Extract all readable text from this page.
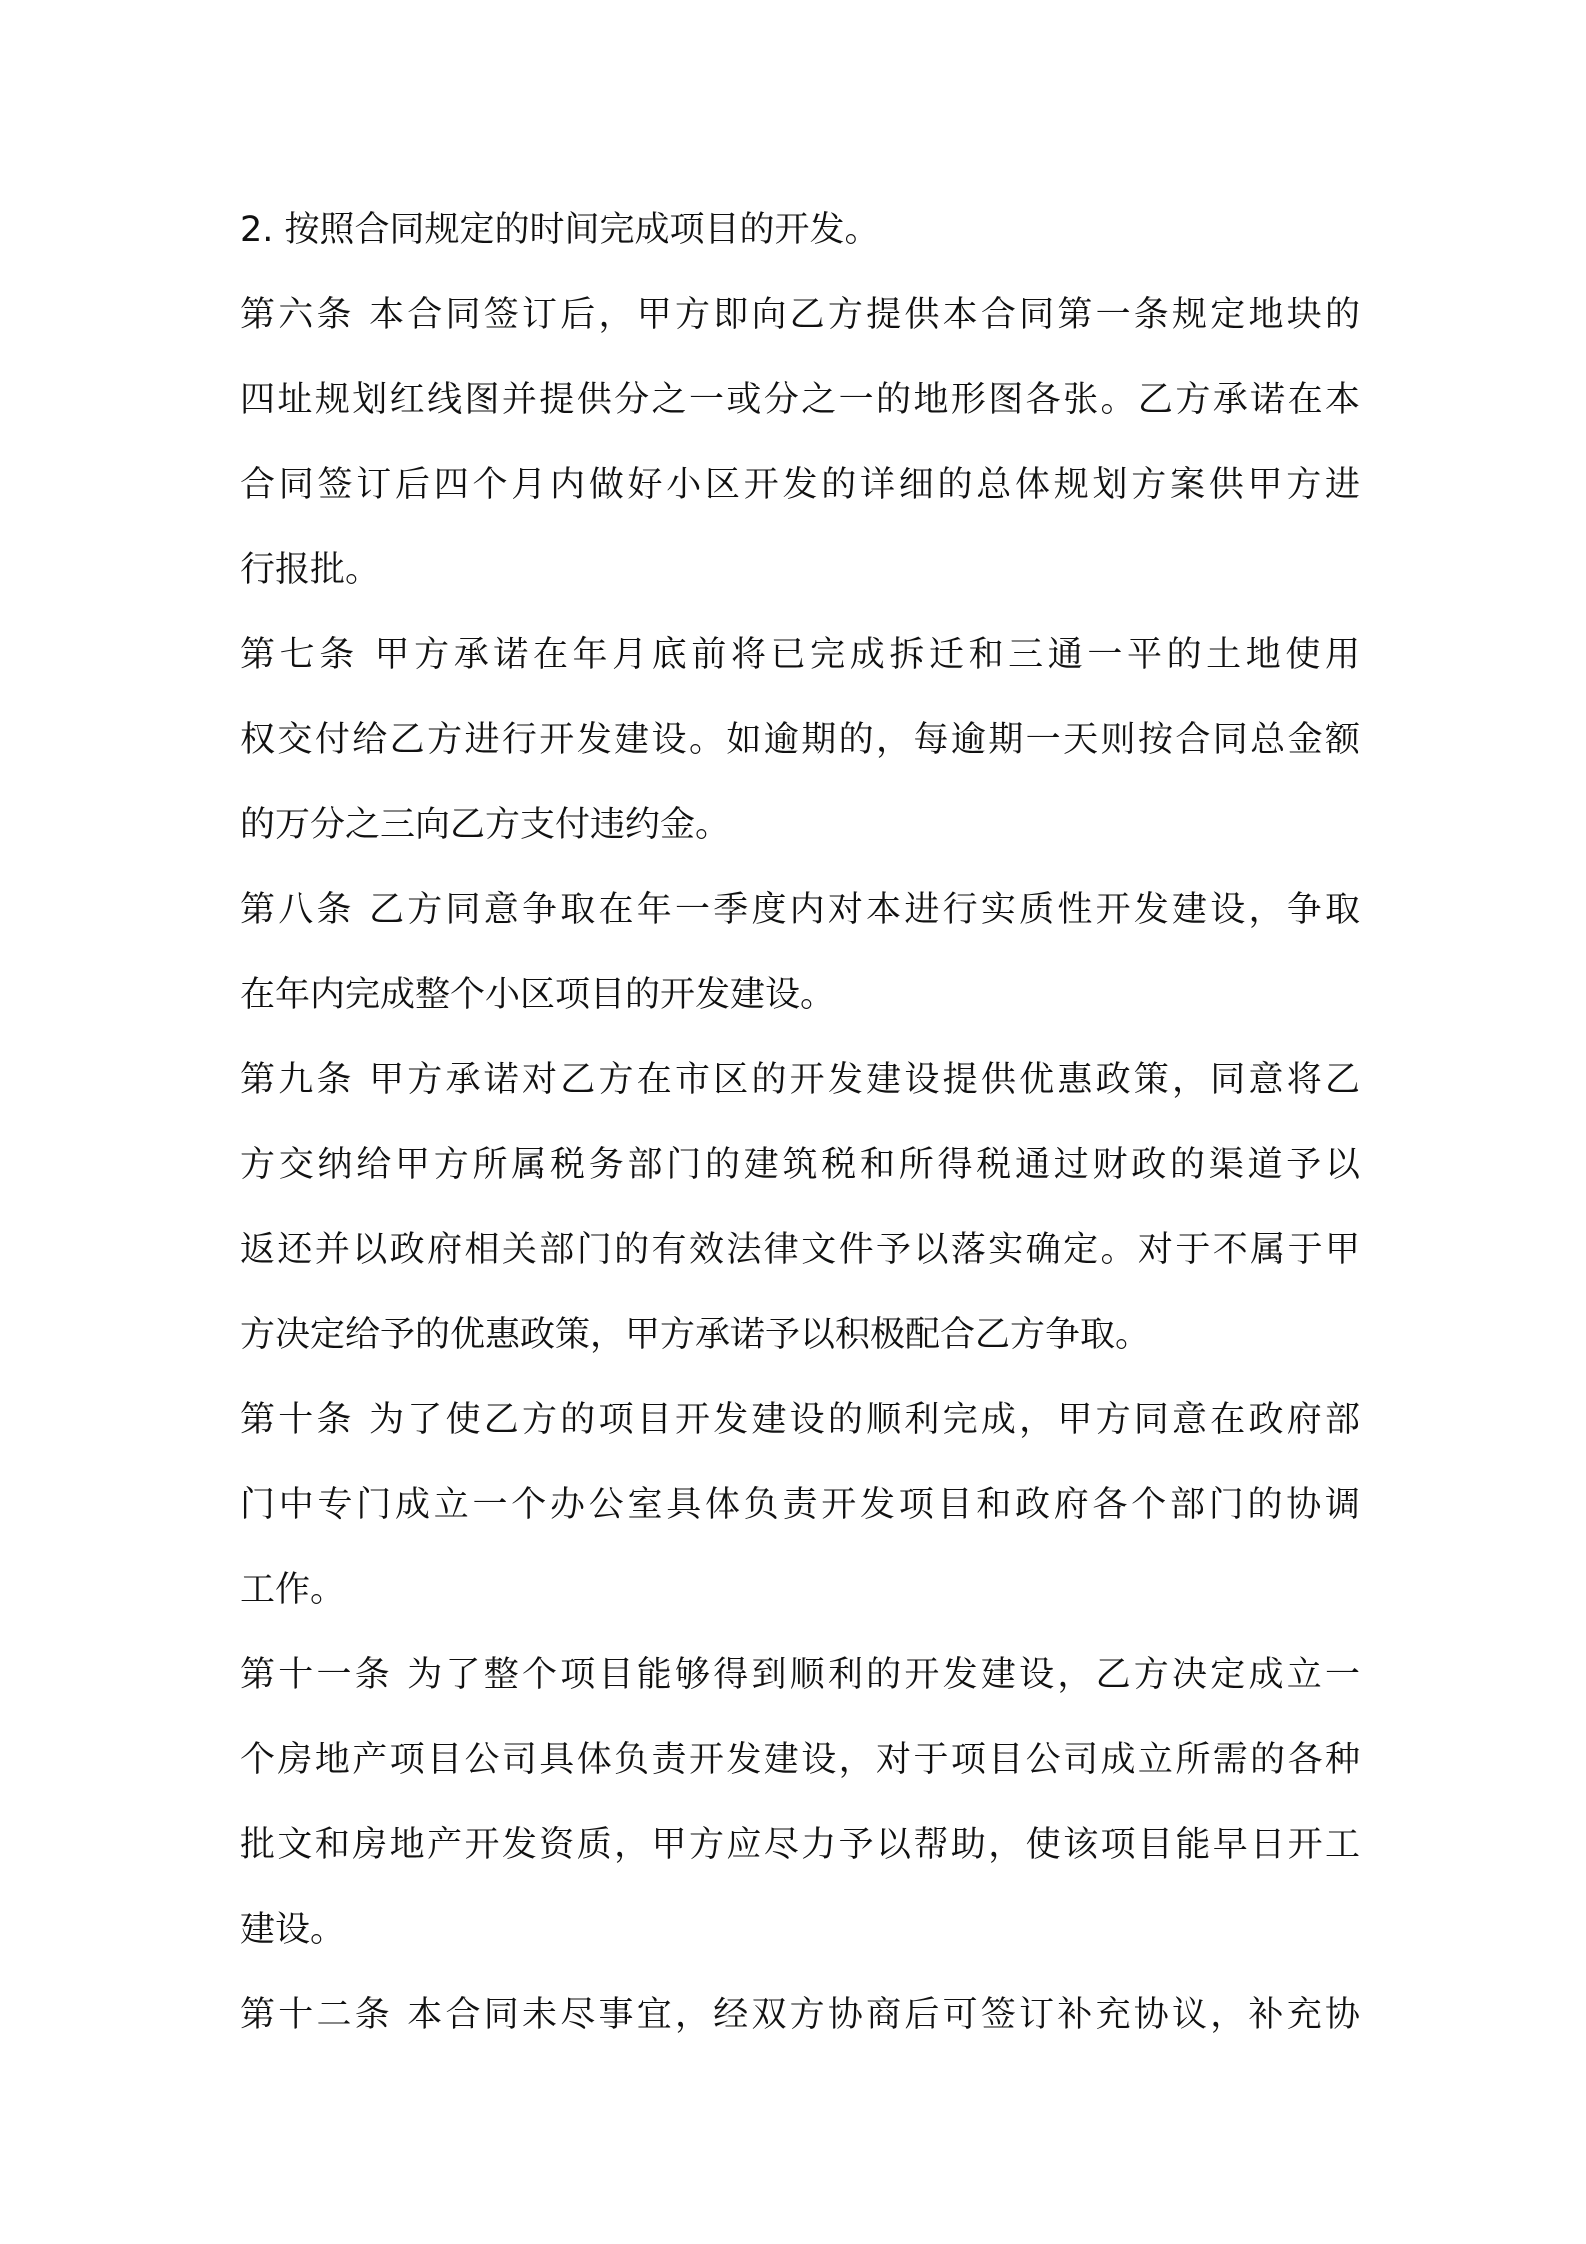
2. 按照合同规定的时间完成项目的开发。
第六条 本合同签订后，甲方即向乙方提供本合同第一条规定地块的
四址规划红线图并提供分之一或分之一的地形图各张。乙方承诺在本
合同签订后四个月内做好小区开发的详细的总体规划方案供甲方进
行报批。
第七条 甲方承诺在年月底前将已完成拆迁和三通一平的土地使用
权交付给乙方进行开发建设。如逾期的，每逾期一天则按合同总金额
的万分之三向乙方支付违约金。
第八条 乙方同意争取在年一季度内对本进行实质性开发建设，争取
在年内完成整个小区项目的开发建设。
第九条 甲方承诺对乙方在市区的开发建设提供优惠政策，同意将乙
方交纳给甲方所属税务部门的建筑税和所得税通过财政的渠道予以
返还并以政府相关部门的有效法律文件予以落实确定。对于不属于甲
方决定给予的优惠政策，甲方承诺予以积极配合乙方争取。
第十条 为了使乙方的项目开发建设的顺利完成，甲方同意在政府部
门中专门成立一个办公室具体负责开发项目和政府各个部门的协调
工作。
第十一条 为了整个项目能够得到顺利的开发建设，乙方决定成立一
个房地产项目公司具体负责开发建设，对于项目公司成立所需的各种
批文和房地产开发资质，甲方应尽力予以帮助，使该项目能早日开工
建设。
第十二条 本合同未尽事宜，经双方协商后可签订补充协议，补充协
